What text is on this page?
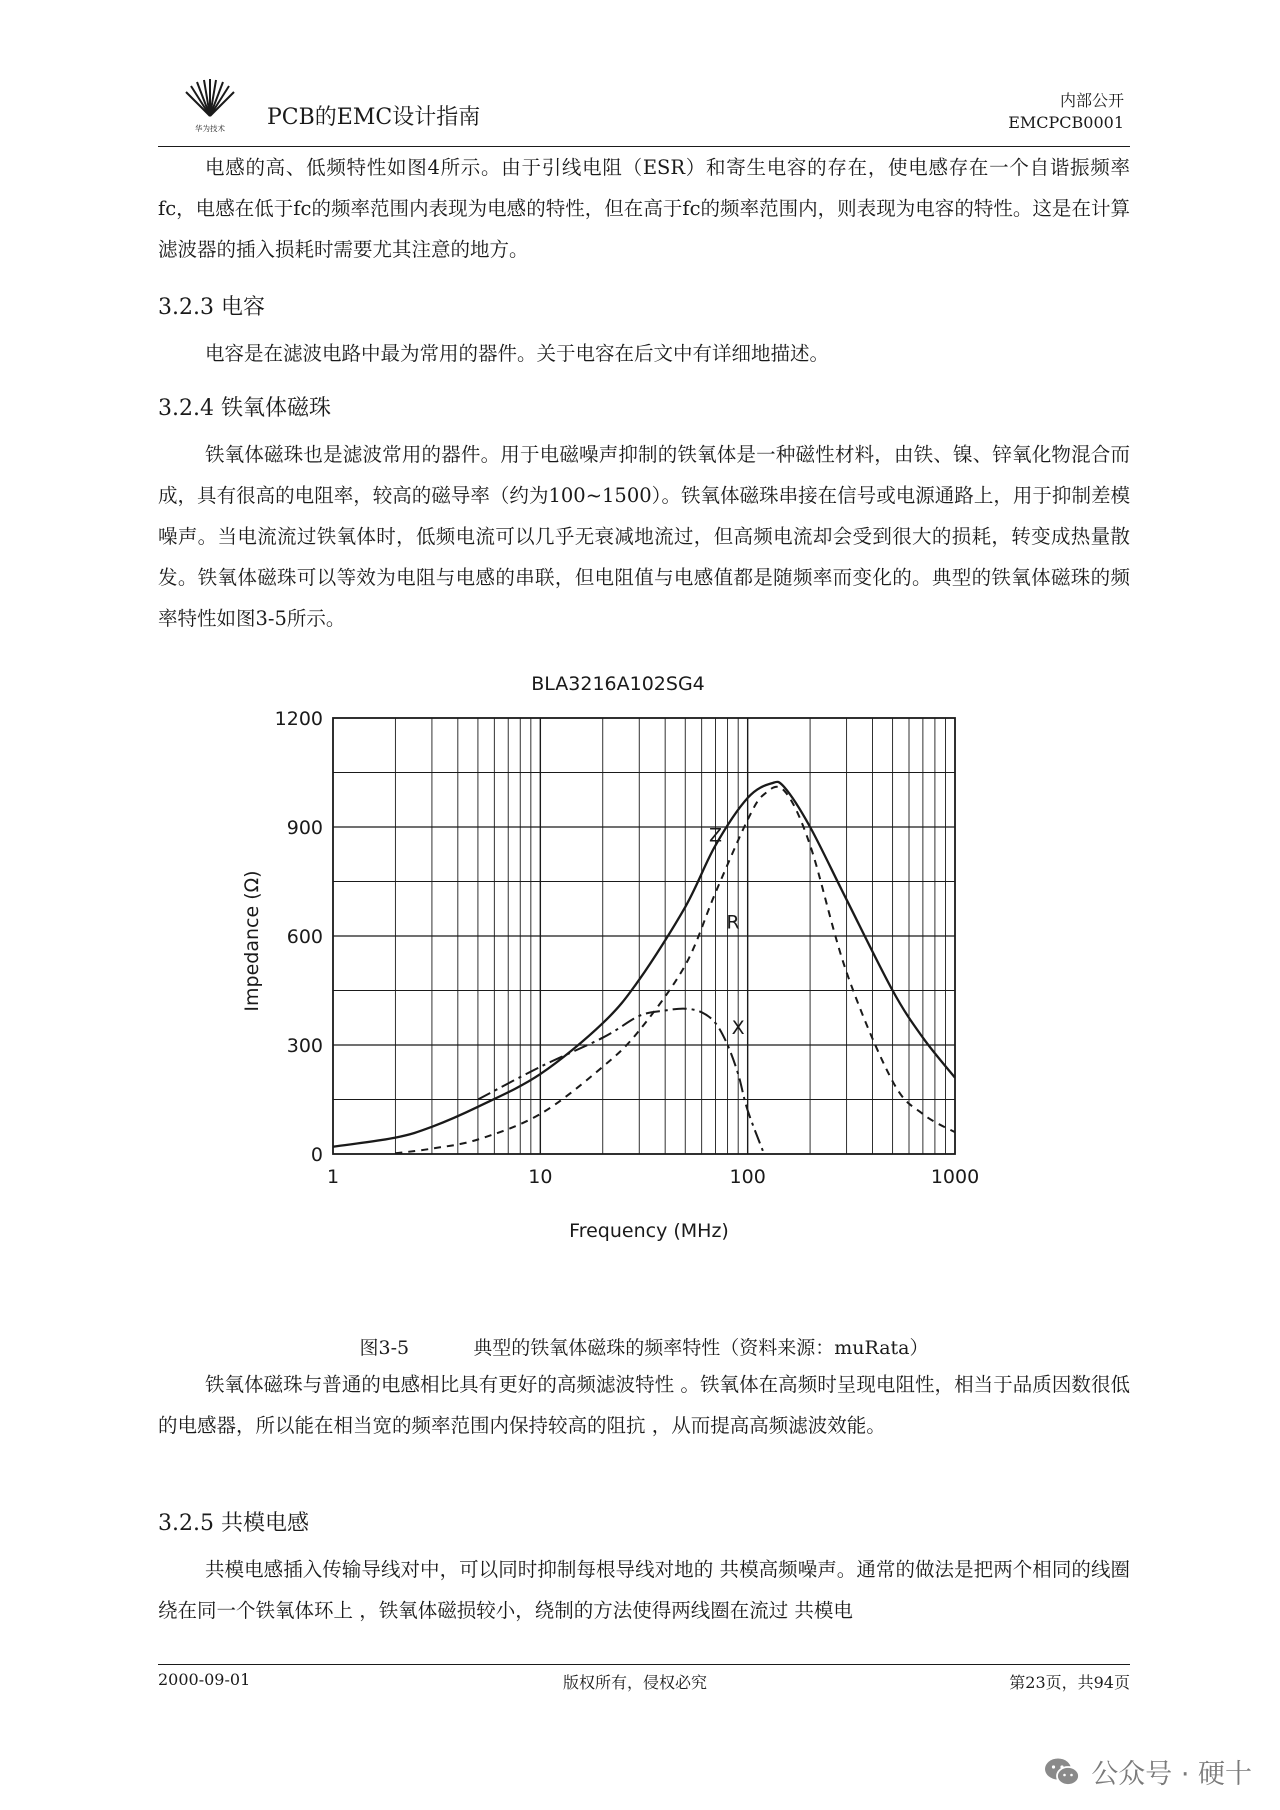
华为技术 PCB的EMC设计指南
内部公开
EMCPCB0001

电感的高、低频特性如图4所示。由于引线电阻（ESR）和寄生电容的存在，使电感存在一个自谐振频率fc，电感在低于fc的频率范围内表现为电感的特性，但在高于fc的频率范围内，则表现为电容的特性。这是在计算滤波器的插入损耗时需要尤其注意的地方。

3.2.3 电容

电容是在滤波电路中最为常用的器件。关于电容在后文中有详细地描述。

3.2.4 铁氧体磁珠

铁氧体磁珠也是滤波常用的器件。用于电磁噪声抑制的铁氧体是一种磁性材料，由铁、镍、锌氧化物混合而成，具有很高的电阻率，较高的磁导率（约为100~1500）。铁氧体磁珠串接在信号或电源通路上，用于抑制差模噪声。当电流流过铁氧体时，低频电流可以几乎无衰减地流过，但高频电流却会受到很大的损耗，转变成热量散发。铁氧体磁珠可以等效为电阻与电感的串联，但电阻值与电感值都是随频率而变化的。典型的铁氧体磁珠的频率特性如图3-5所示。

1	10	100	1000
0
300
600
900
1200
BLA3216A102SG4
Frequency (MHz)
Impedance (Ω)
Z
R
X
图3-5	典型的铁氧体磁珠的频率特性（资料来源：muRata）

铁氧体磁珠与普通的电感相比具有更好的高频滤波特性 。铁氧体在高频时呈现电阻性，相当于品质因数很低的电感器，所以能在相当宽的频率范围内保持较高的阻抗 ，从而提高高频滤波效能。

3.2.5 共模电感

共模电感插入传输导线对中，可以同时抑制每根导线对地的 共模高频噪声。通常的做法是把两个相同的线圈绕在同一个铁氧体环上 ，铁氧体磁损较小，绕制的方法使得两线圈在流过 共模电

2000-09-01	版权所有，侵权必究	第23页，共94页
公众号 · 硬十
